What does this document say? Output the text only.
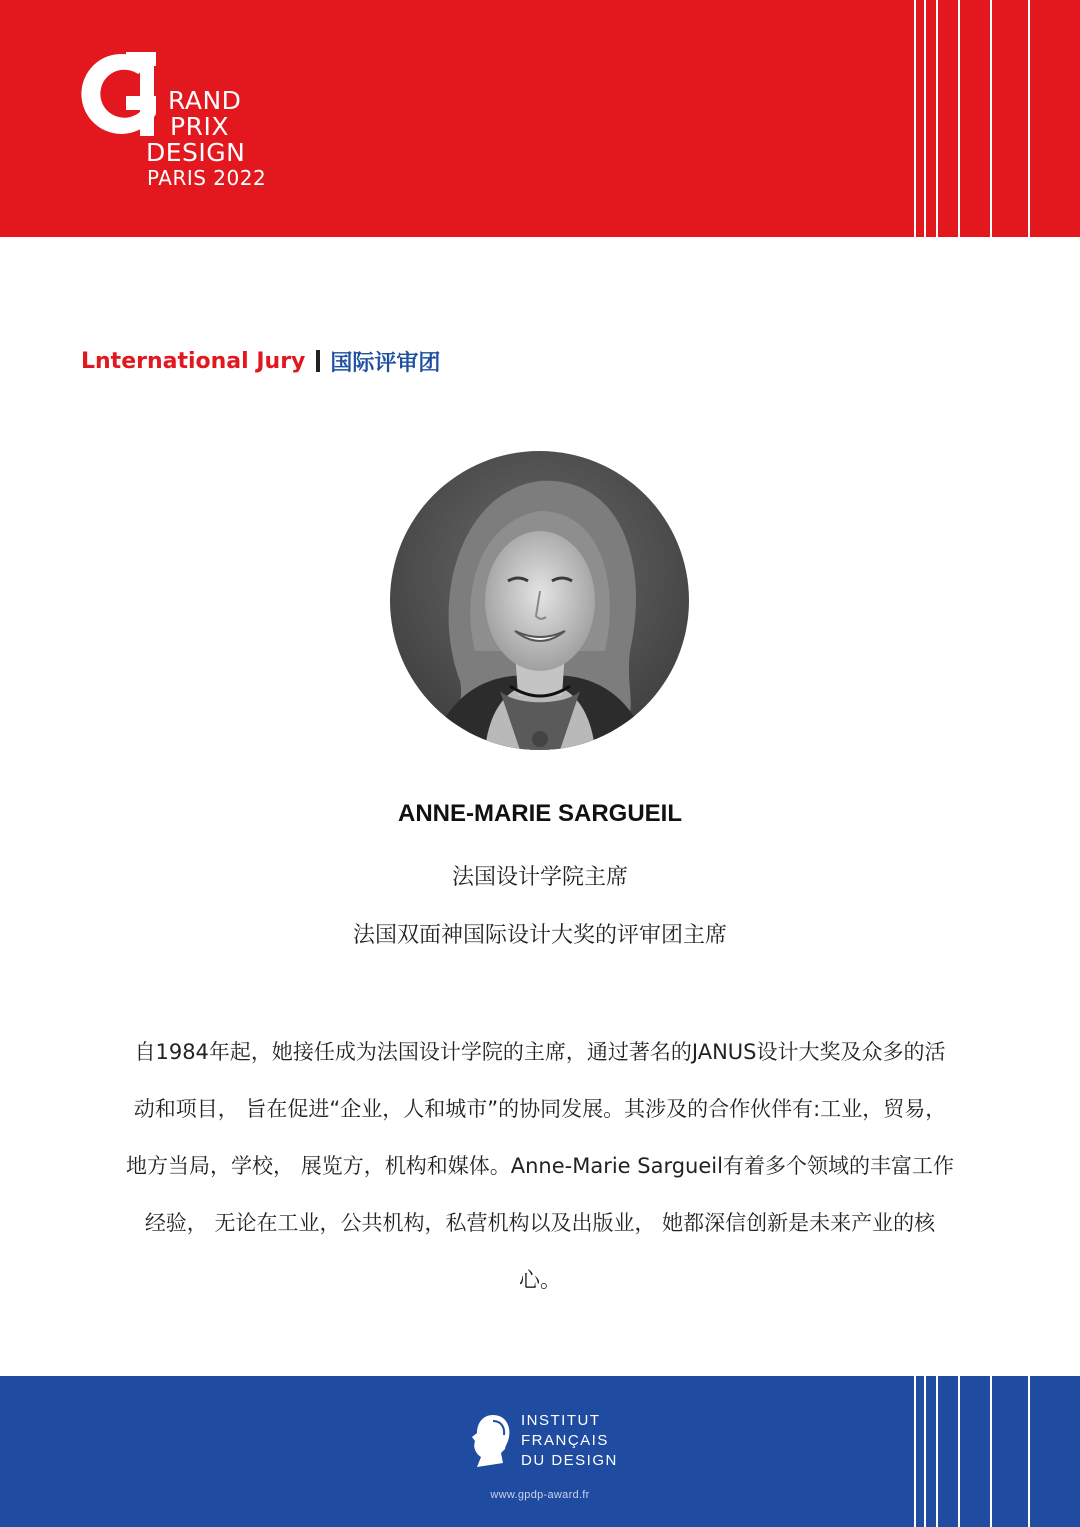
RAND
PRIX
DESIGN
PARIS 2022
Lnternational Jury 国际评审团
ANNE-MARIE SARGUEIL
法国设计学院主席
法国双面神国际设计大奖的评审团主席
自1984年起，她接任成为法国设计学院的主席，通过著名的JANUS设计大奖及众多的活
动和项目， 旨在促进“企业，人和城市”的协同发展。其涉及的合作伙伴有:工业，贸易，
地方当局，学校， 展览方，机构和媒体。Anne-Marie Sargueil有着多个领域的丰富工作
经验， 无论在工业，公共机构，私营机构以及出版业， 她都深信创新是未来产业的核
心。
INSTITUT
FRANÇAIS
DU DESIGN
www.gpdp-award.fr
